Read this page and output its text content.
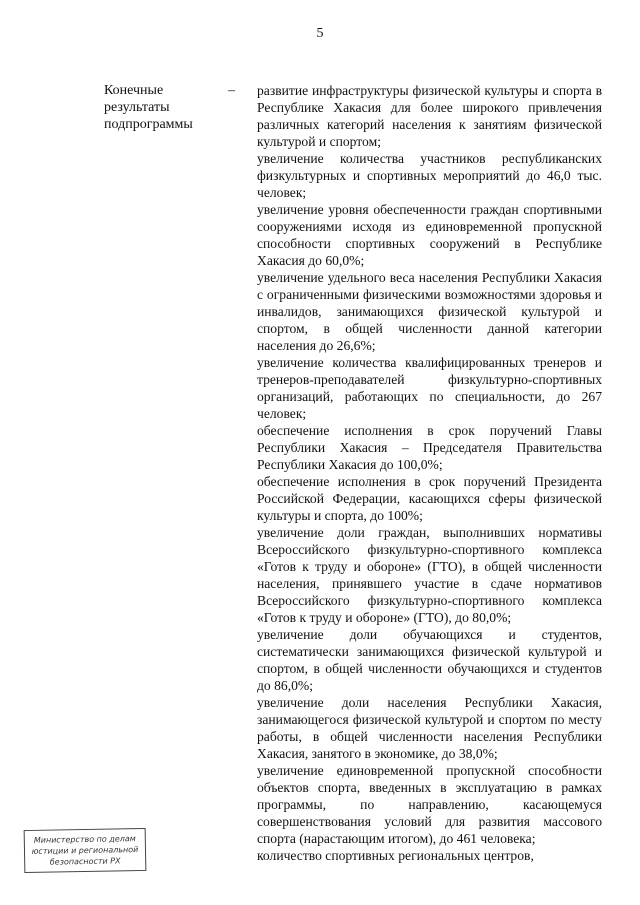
5
Конечные
результаты
подпрограммы
– развитие инфраструктуры физической культуры и спорта в Республике Хакасия для более широкого привлечения различных категорий населения к занятиям физической культурой и спортом;

увеличение количества участников республиканских физкультурных и спортивных мероприятий до 46,0 тыс. человек;

увеличение уровня обеспеченности граждан спортивными сооружениями исходя из единовременной пропускной способности спортивных сооружений в Республике Хакасия до 60,0%;

увеличение удельного веса населения Республики Хакасия с ограниченными физическими возможностями здоровья и инвалидов, занимающихся физической культурой и спортом, в общей численности данной категории населения до 26,6%;

увеличение количества квалифицированных тренеров и тренеров-преподавателей физкультурно-спортивных организаций, работающих по специальности, до 267 человек;

обеспечение исполнения в срок поручений Главы Республики Хакасия – Председателя Правительства Республики Хакасия до 100,0%;

обеспечение исполнения в срок поручений Президента Российской Федерации, касающихся сферы физической культуры и спорта, до 100%;

увеличение доли граждан, выполнивших нормативы Всероссийского физкультурно-спортивного комплекса «Готов к труду и обороне» (ГТО), в общей численности населения, принявшего участие в сдаче нормативов Всероссийского физкультурно-спортивного комплекса «Готов к труду и обороне» (ГТО), до 80,0%;

увеличение доли обучающихся и студентов, систематически занимающихся физической культурой и спортом, в общей численности обучающихся и студентов до 86,0%;

увеличение доли населения Республики Хакасия, занимающегося физической культурой и спортом по месту работы, в общей численности населения Республики Хакасия, занятого в экономике, до 38,0%;

увеличение единовременной пропускной способности объектов спорта, введенных в эксплуатацию в рамках программы, по направлению, касающемуся совершенствования условий для развития массового спорта (нарастающим итогом), до 461 человека;

количество спортивных региональных центров,

Министерство по делам
юстиции и региональной
безопасности РХ
